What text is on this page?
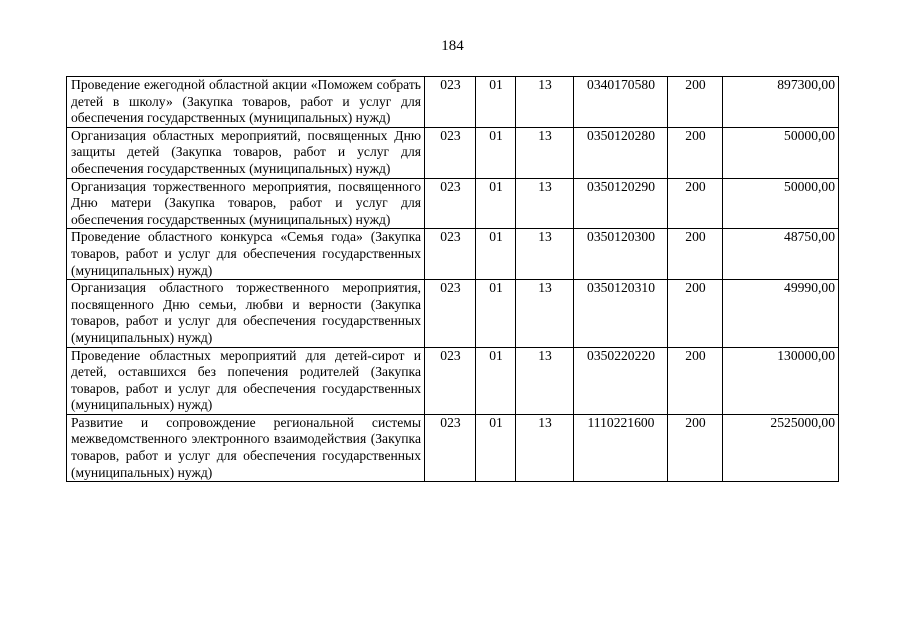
184
Проведение ежегодной областной акции «Поможем собрать детей в школу» (Закупка товаров, работ и услуг для обеспечения государственных (муниципальных) нужд)	023	01	13	0340170580	200	897300,00
Организация областных мероприятий, посвященных Дню защиты детей (Закупка товаров, работ и услуг для обеспечения государственных (муниципальных) нужд)	023	01	13	0350120280	200	50000,00
Организация торжественного мероприятия, посвященного Дню матери (Закупка товаров, работ и услуг для обеспечения государственных (муниципальных) нужд)	023	01	13	0350120290	200	50000,00
Проведение областного конкурса «Семья года» (Закупка товаров, работ и услуг для обеспечения государственных (муниципальных) нужд)	023	01	13	0350120300	200	48750,00
Организация областного торжественного мероприятия, посвященного Дню семьи, любви и верности (Закупка товаров, работ и услуг для обеспечения государственных (муниципальных) нужд)	023	01	13	0350120310	200	49990,00
Проведение областных мероприятий для детей-сирот и детей, оставшихся без попечения родителей (Закупка товаров, работ и услуг для обеспечения государственных (муниципальных) нужд)	023	01	13	0350220220	200	130000,00
Развитие и сопровождение региональной системы межведомственного электронного взаимодействия (Закупка товаров, работ и услуг для обеспечения государственных (муниципальных) нужд)	023	01	13	1110221600	200	2525000,00
